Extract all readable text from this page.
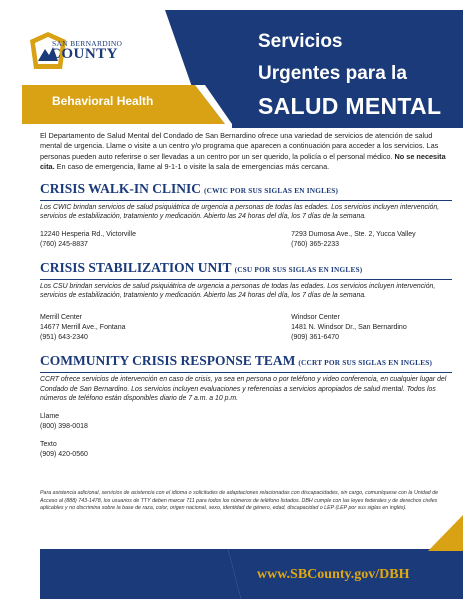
SAN BERNARDINO
COUNTY
Behavioral Health
Servicios
Urgentes para la
SALUD MENTAL

El Departamento de Salud Mental del Condado de San Bernardino ofrece una variedad de servicios de atención de salud mental de urgencia. Llame o visite a un centro y/o programa que aparecen a continuación para acceder a los servicios. Las personas pueden auto referirse o ser llevadas a un centro por un ser querido, la policía o el personal médico. No se necesita cita. En caso de emergencia, llame al 9-1-1 o visite la sala de emergencias más cercana.

CRISIS WALK-IN CLINIC (CWIC POR SUS SIGLAS EN INGLES)

Los CWIC brindan servicios de salud psiquiátrica de urgencia a personas de todas las edades. Los servicios incluyen intervención, servicios de estabilización, tratamiento y medicación. Abierto las 24 horas del día, los 7 días de la semana.

12240 Hesperia Rd., Victorville
(760) 245-8837
7293 Dumosa Ave., Ste. 2, Yucca Valley
(760) 365-2233
CRISIS STABILIZATION UNIT (CSU POR SUS SIGLAS EN INGLES)

Los CSU brindan servicios de salud psiquiátrica de urgencia a personas de todas las edades. Los servicios incluyen intervención, servicios de estabilización, tratamiento y medicación. Abierto las 24 horas del día, los 7 días de la semana.

Merrill Center
14677 Merrill Ave., Fontana
(951) 643-2340
Windsor Center
1481 N. Windsor Dr., San Bernardino
(909) 361-6470
COMMUNITY CRISIS RESPONSE TEAM (CCRT POR SUS SIGLAS EN INGLES)

CCRT ofrece servicios de intervención en caso de crisis, ya sea en persona o por teléfono y video conferencia, en cualquier lugar del Condado de San Bernardino. Los servicios incluyen evaluaciones y referencias a servicios apropiados de salud mental. Todos los números de teléfono están disponibles diario de 7 a.m. a 10 p.m.

Llame
(800) 398-0018
Texto
(909) 420-0560

Para asistencia adicional, servicios de asistencia con el idioma o solicitudes de adaptaciones relacionadas con discapacidades, sin cargo, comuníquese con la Unidad de Acceso al (888) 743-1478, los usuarios de TTY deben marcar 711 para todos los números de teléfono listados. DBH cumple con las leyes federales y de derechos civiles aplicables y no discrimina sobre la base de raza, color, origen nacional, sexo, identidad de género, edad, discapacidad o LEP (LEP por sus siglas en inglés).

www.SBCounty.gov/DBH
